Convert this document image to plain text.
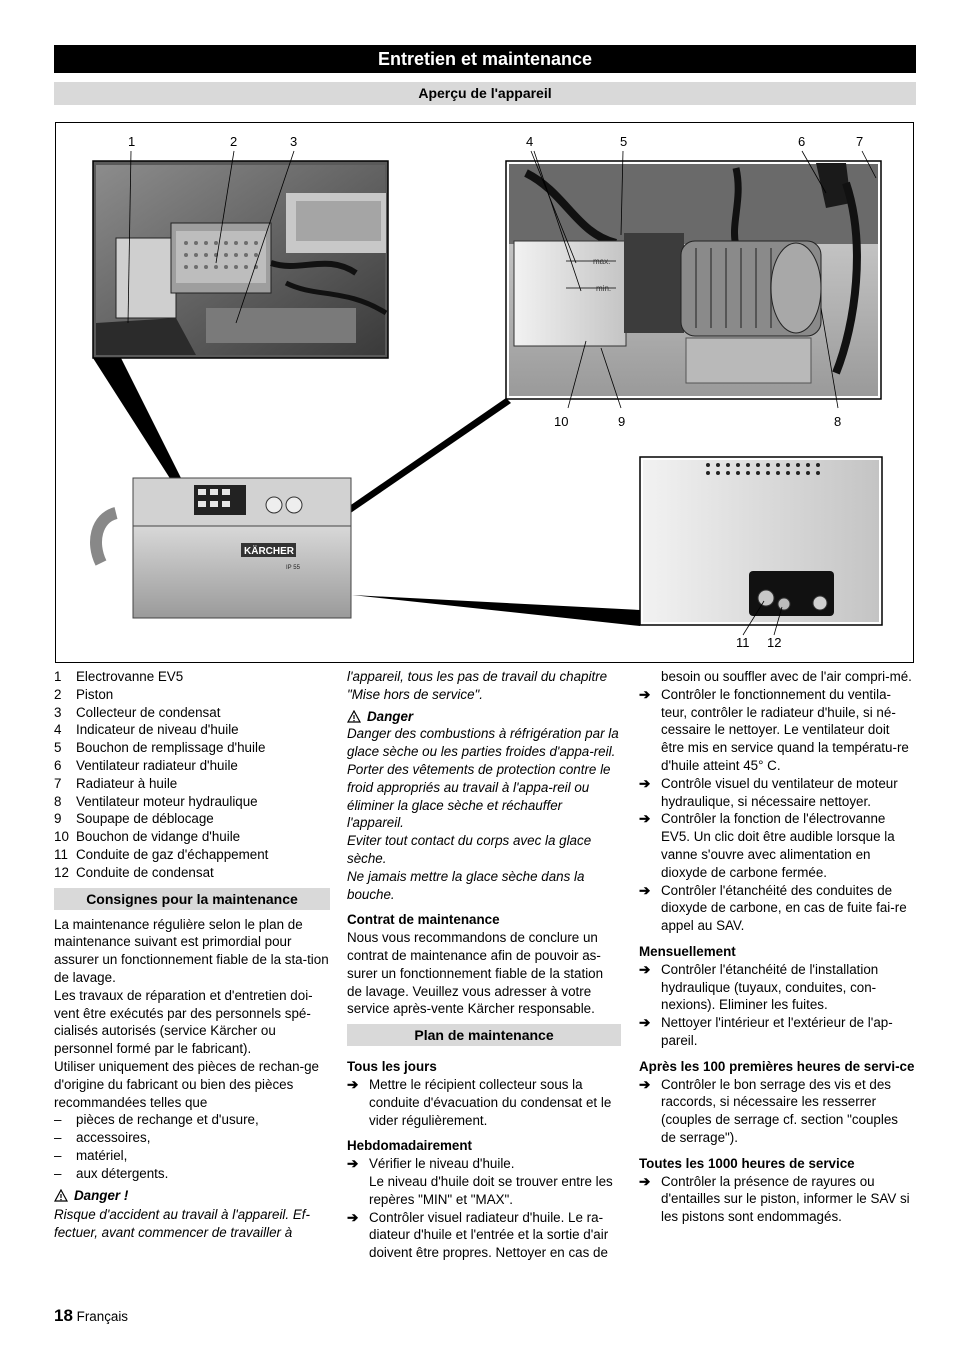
Entretien et maintenance
Aperçu de l'appareil
max.
min.
KÄRCHER
IP 55
1	2	3	4	5	6	7
8
9
10
11 12
1	Electrovanne EV5
2	Piston
3	Collecteur de condensat
4	Indicateur de niveau d'huile
5	Bouchon de remplissage d'huile
6	Ventilateur radiateur d'huile
7	Radiateur à huile
8	Ventilateur moteur hydraulique
9	Soupape de déblocage
10 Bouchon de vidange d'huile
11 Conduite de gaz d'échappement
12 Conduite de condensat
Consignes pour la maintenance

La maintenance régulière selon le plan de maintenance suivant est primordial pour assurer un fonctionnement fiable de la sta-tion de lavage.

Les travaux de réparation et d'entretien doi-vent être exécutés par des personnels spé-cialisés autorisés (service Kärcher ou personnel formé par le fabricant).

Utiliser uniquement des pièces de rechan-ge d'origine du fabricant ou bien des pièces recommandées telles que

–	pièces de rechange et d'usure,
–	accessoires,
–	matériel,
–	aux détergents.
Danger !

Risque d'accident au travail à l'appareil. Ef-fectuer, avant commencer de travailler à

l'appareil, tous les pas de travail du chapitre "Mise hors de service".

Danger

Danger des combustions à réfrigération par la glace sèche ou les parties froides d'appa-reil. Porter des vêtements de protection contre le froid appropriés au travail à l'appa-reil ou éliminer la glace sèche et réchauffer l'appareil.

Eviter tout contact du corps avec la glace sèche.

Ne jamais mettre la glace sèche dans la bouche.

Contrat de maintenance

Nous vous recommandons de conclure un contrat de maintenance afin de pouvoir as-surer un fonctionnement fiable de la station de lavage. Veuillez vous adresser à votre service après-vente Kärcher responsable.

Plan de maintenance

Tous les jours

➔ Mettre le récipient collecteur sous la conduite d'évacuation du condensat et le vider régulièrement.

Hebdomadairement

➔ Vérifier le niveau d'huile.

Le niveau d'huile doit se trouver entre les repères "MIN" et "MAX".

➔ Contrôler visuel radiateur d'huile. Le ra-diateur d'huile et l'entrée et la sortie d'air doivent être propres. Nettoyer en cas de

besoin ou souffler avec de l'air compri-mé.

➔ Contrôler le fonctionnement du ventila-teur, contrôler le radiateur d'huile, si né-cessaire le nettoyer. Le ventilateur doit être mis en service quand la températu-re d'huile atteint 45° C.
➔ Contrôle visuel du ventilateur de moteur hydraulique, si nécessaire nettoyer.
➔ Contrôler la fonction de l'électrovanne EV5. Un clic doit être audible lorsque la vanne s'ouvre avec alimentation en dioxyde de carbone fermée.
➔ Contrôler l'étanchéité des conduites de dioxyde de carbone, en cas de fuite fai-re appel au SAV.

Mensuellement

➔ Contrôler l'étanchéité de l'installation hydraulique (tuyaux, conduites, con-nexions). Eliminer les fuites.
➔ Nettoyer l'intérieur et l'extérieur de l'ap-pareil.

Après les 100 premières heures de servi-ce

➔ Contrôler le bon serrage des vis et des raccords, si nécessaire les resserrer (couples de serrage cf. section "couples de serrage").

Toutes les 1000 heures de service

➔ Contrôler la présence de rayures ou d'entailles sur le piston, informer le SAV si les pistons sont endommagés.
18 Français
